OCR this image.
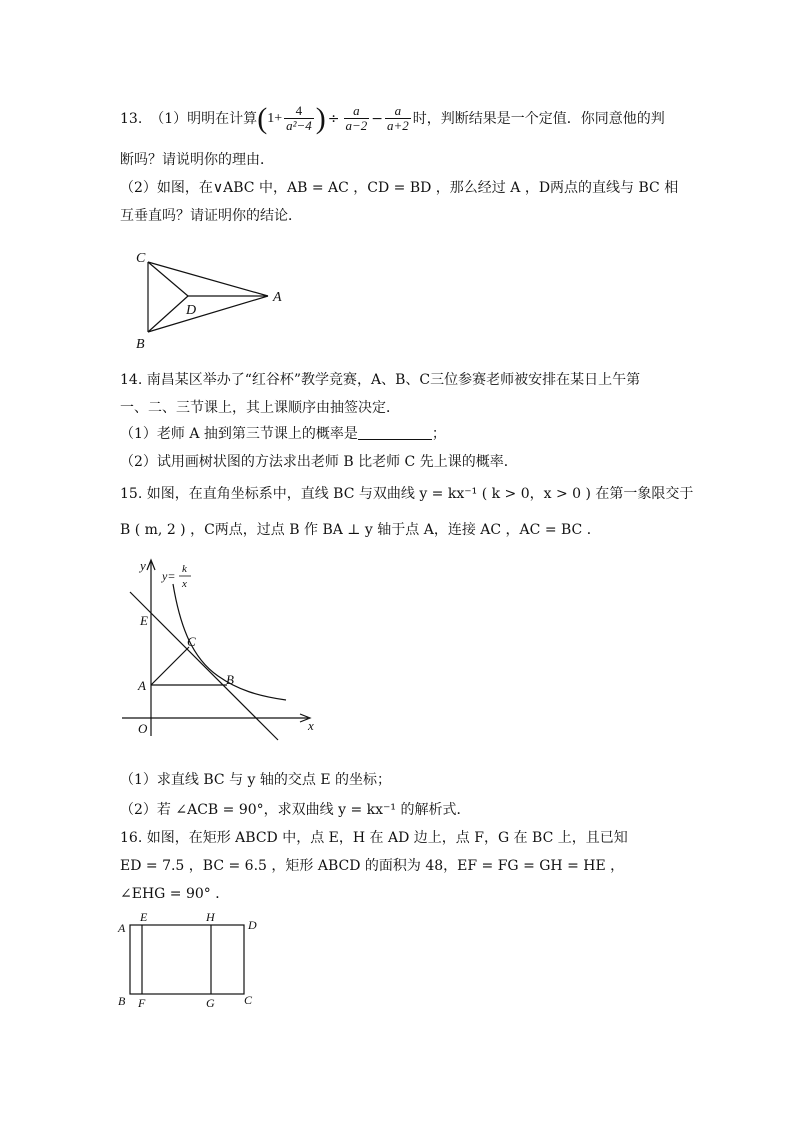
13. （1）明明在计算 ( $1+ \frac{4}{\text{a²−4}}$ ) ÷ $\frac{a}{a-2} - \frac{a}{a+2}$ 时，判断结果是一个定值．你同意他的判
断吗？请说明你的理由．
（2）如图，在∨ABC 中，AB = AC ，CD = BD ，那么经过 A ，D两点的直线与 BC 相
互垂直吗？请证明你的结论．
C
B
D
A
14. 南昌某区举办了“红谷杯”教学竞赛，A、B、C三位参赛老师被安排在某日上午第
一、二、三节课上，其上课顺序由抽签决定．
（1）老师 A 抽到第三节课上的概率是	；
（2）试用画树状图的方法求出老师 B 比老师 C 先上课的概率．
15. 如图，在直角坐标系中，直线 BC 与双曲线 y = kx⁻¹ ( k > 0，x > 0 ) 在第一象限交于
B ( m, 2 ) ，C两点，过点 B 作 BA ⊥ y 轴于点 A，连接 AC ，AC = BC ．
y
y= k
x
E
C
A	B
O	x
（1）求直线 BC 与 y 轴的交点 E 的坐标；
（2）若 ∠ACB = 90°，求双曲线 y = kx⁻¹ 的解析式．
16. 如图，在矩形 ABCD 中，点 E，H 在 AD 边上，点 F，G 在 BC 上，且已知
ED = 7.5 ，BC = 6.5 ，矩形 ABCD 的面积为 48，EF = FG = GH = HE ，
∠EHG = 90° ．
A
E	H
D
B F	G C
